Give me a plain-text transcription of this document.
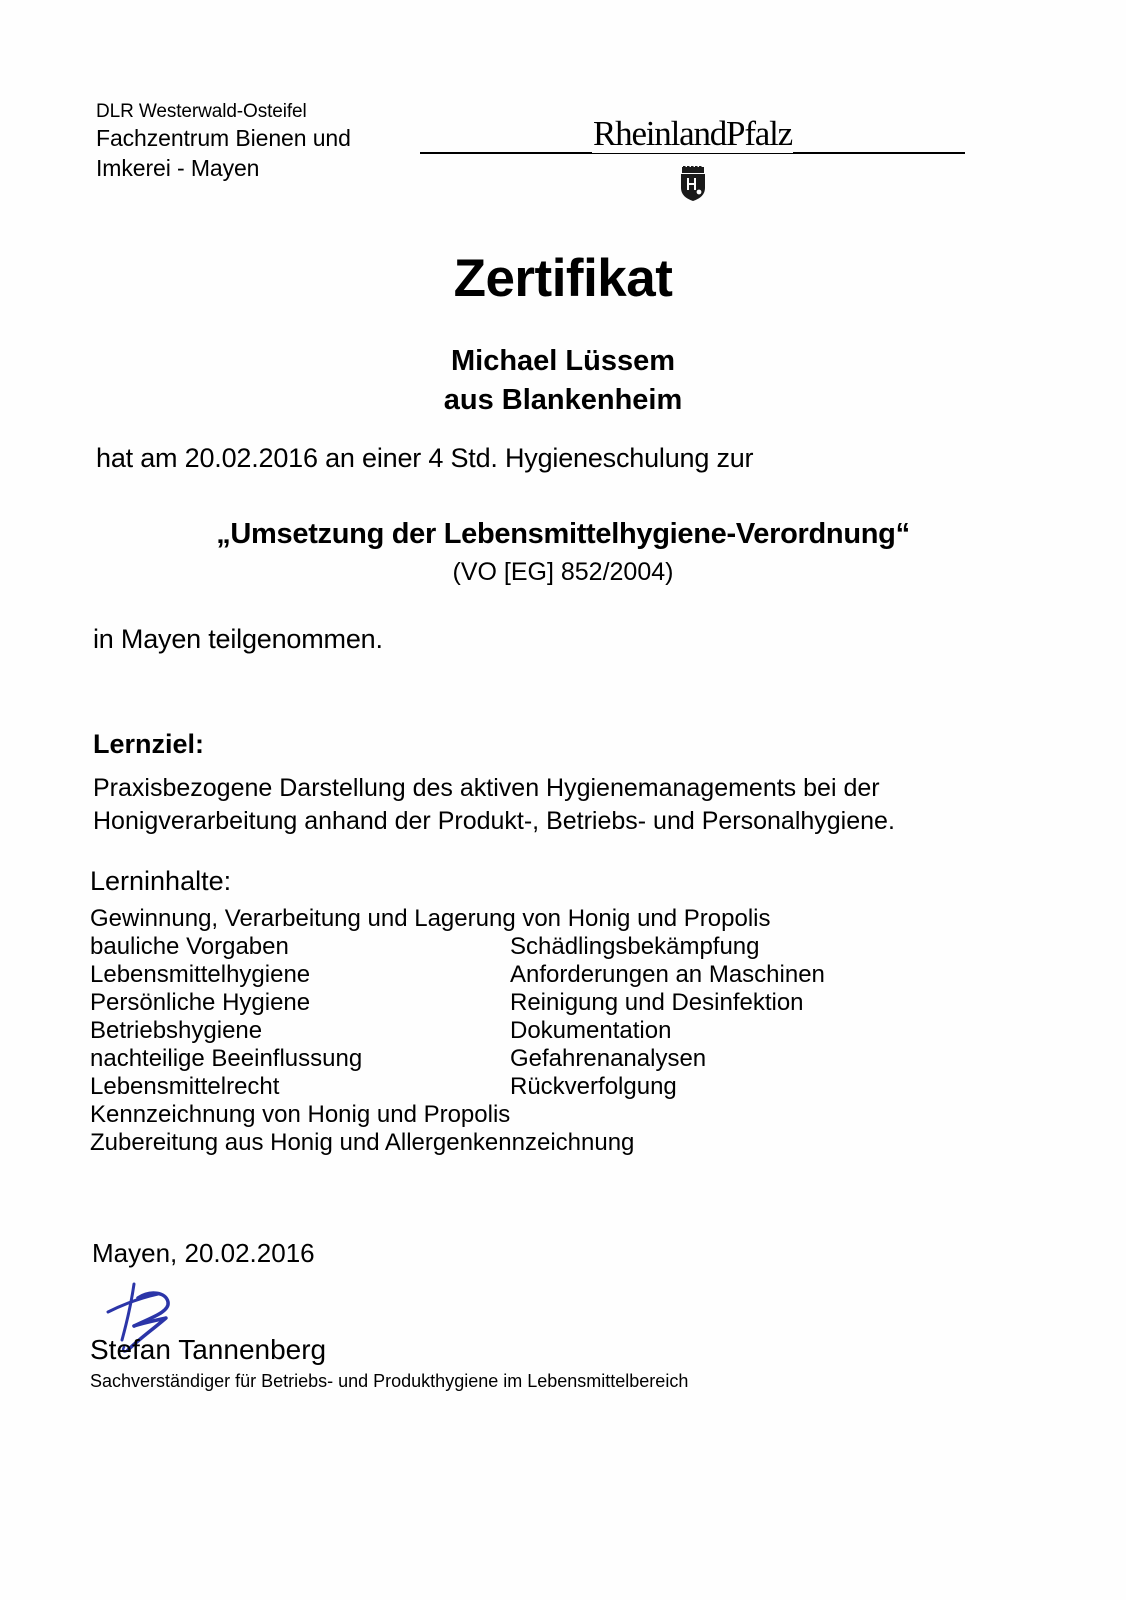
DLR Westerwald-Osteifel
Fachzentrum Bienen und
Imkerei - Mayen
RheinlandPfalz
Zertifikat
Michael Lüssem
aus Blankenheim
hat am 20.02.2016 an einer 4 Std. Hygieneschulung zur
„Umsetzung der Lebensmittelhygiene-Verordnung“
(VO [EG] 852/2004)
in Mayen teilgenommen.
Lernziel:
Praxisbezogene Darstellung des aktiven Hygienemanagements bei der Honigverarbeitung anhand der Produkt-, Betriebs- und Personalhygiene.
Lerninhalte:
Gewinnung, Verarbeitung und Lagerung von Honig und Propolis
bauliche Vorgaben	Schädlingsbekämpfung
Lebensmittelhygiene	Anforderungen an Maschinen
Persönliche Hygiene	Reinigung und Desinfektion
Betriebshygiene	Dokumentation
nachteilige Beeinflussung	Gefahrenanalysen
Lebensmittelrecht	Rückverfolgung
Kennzeichnung von Honig und Propolis
Zubereitung aus Honig und Allergenkennzeichnung
Mayen, 20.02.2016
Stefan Tannenberg
Sachverständiger für Betriebs- und Produkthygiene im Lebensmittelbereich
